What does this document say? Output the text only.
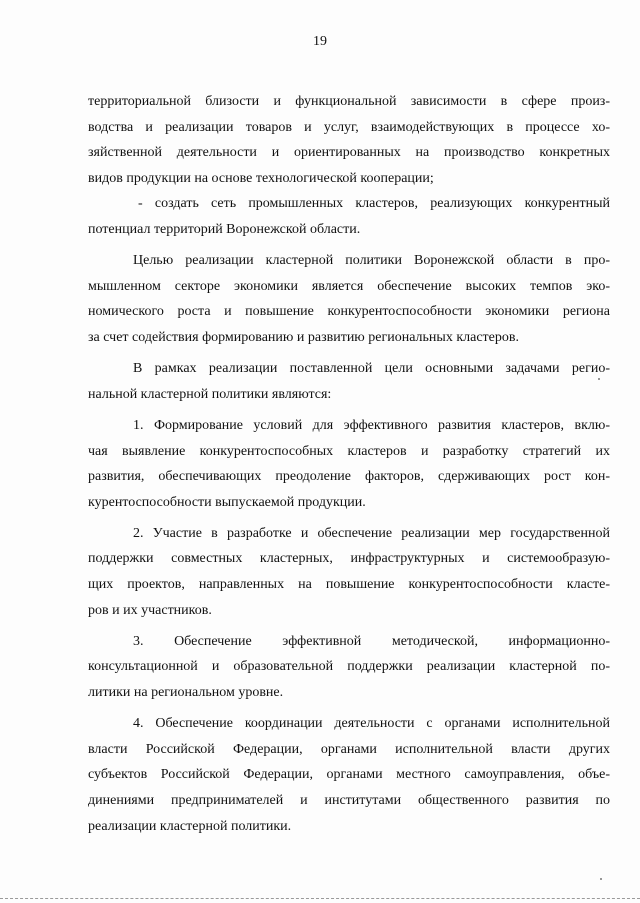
19
территориальной близости и функциональной зависимости в сфере произ-
водства и реализации товаров и услуг, взаимодействующих в процессе хо-
зяйственной деятельности и ориентированных на производство конкретных
видов продукции на основе технологической кооперации;
- создать сеть промышленных кластеров, реализующих конкурентный
потенциал территорий Воронежской области.
Целью реализации кластерной политики Воронежской области в про-
мышленном секторе экономики является обеспечение высоких темпов эко-
номического роста и повышение конкурентоспособности экономики региона
за счет содействия формированию и развитию региональных кластеров.
В рамках реализации поставленной цели основными задачами регио-
нальной кластерной политики являются:
1. Формирование условий для эффективного развития кластеров, вклю-
чая выявление конкурентоспособных кластеров и разработку стратегий их
развития, обеспечивающих преодоление факторов, сдерживающих рост кон-
курентоспособности выпускаемой продукции.
2. Участие в разработке и обеспечение реализации мер государственной
поддержки совместных кластерных, инфраструктурных и системообразую-
щих проектов, направленных на повышение конкурентоспособности класте-
ров и их участников.
3. Обеспечение эффективной методической, информационно-
консультационной и образовательной поддержки реализации кластерной по-
литики на региональном уровне.
4. Обеспечение координации деятельности с органами исполнительной
власти Российской Федерации, органами исполнительной власти других
субъектов Российской Федерации, органами местного самоуправления, объе-
динениями предпринимателей и институтами общественного развития по
реализации кластерной политики.
